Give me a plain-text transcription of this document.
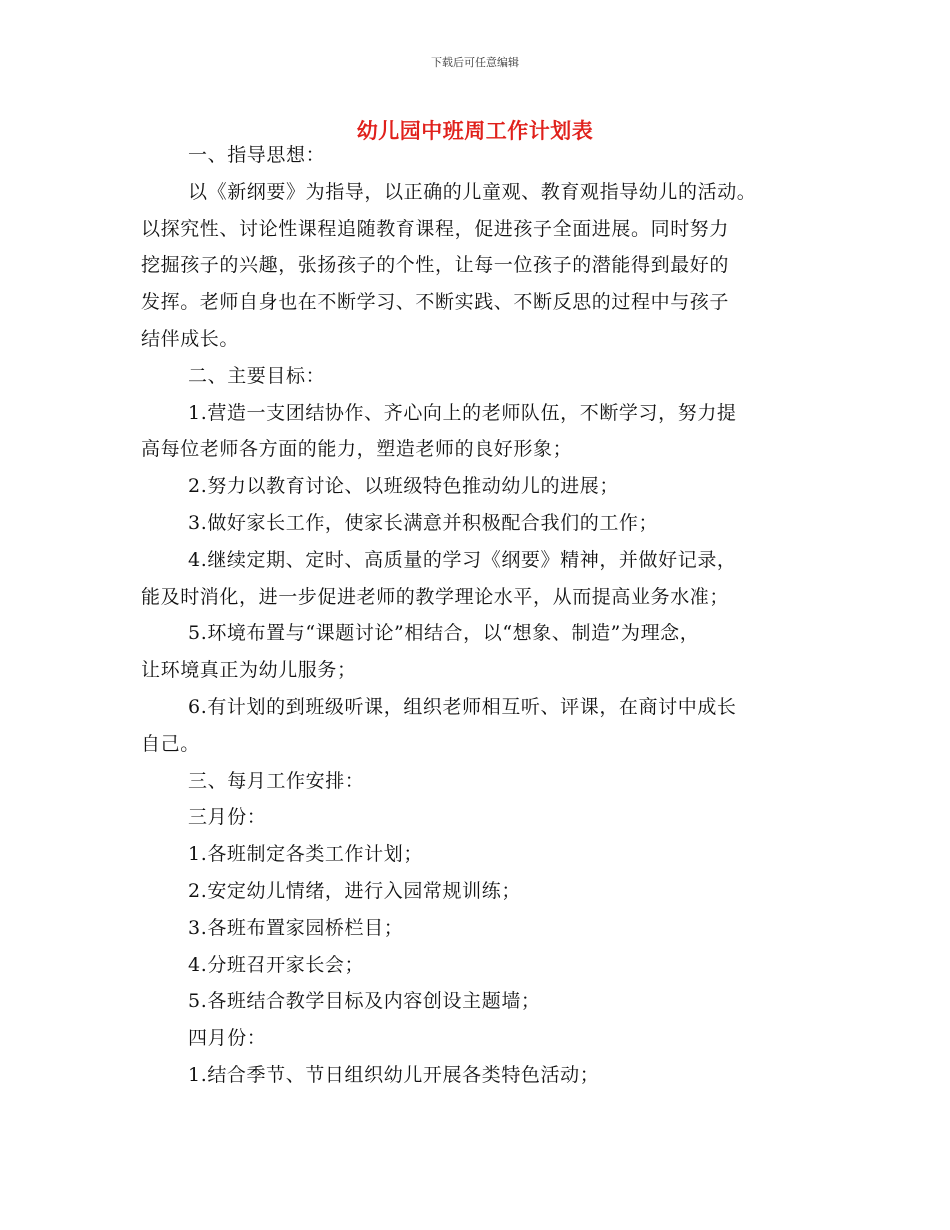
下载后可任意编辑
幼儿园中班周工作计划表
一、指导思想：
以《新纲要》为指导，以正确的儿童观、教育观指导幼儿的活动。
以探究性、讨论性课程追随教育课程，促进孩子全面进展。同时努力
挖掘孩子的兴趣，张扬孩子的个性，让每一位孩子的潜能得到最好的
发挥。老师自身也在不断学习、不断实践、不断反思的过程中与孩子
结伴成长。
二、主要目标：
1.营造一支团结协作、齐心向上的老师队伍，不断学习，努力提
高每位老师各方面的能力，塑造老师的良好形象；
2.努力以教育讨论、以班级特色推动幼儿的进展；
3.做好家长工作，使家长满意并积极配合我们的工作；
4.继续定期、定时、高质量的学习《纲要》精神，并做好记录，
能及时消化，进一步促进老师的教学理论水平，从而提高业务水准；
5.环境布置与“课题讨论”相结合，以“想象、制造”为理念，
让环境真正为幼儿服务；
6.有计划的到班级听课，组织老师相互听、评课，在商讨中成长
自己。
三、每月工作安排：
三月份：
1.各班制定各类工作计划；
2.安定幼儿情绪，进行入园常规训练；
3.各班布置家园桥栏目；
4.分班召开家长会；
5.各班结合教学目标及内容创设主题墙；
四月份：
1.结合季节、节日组织幼儿开展各类特色活动；
